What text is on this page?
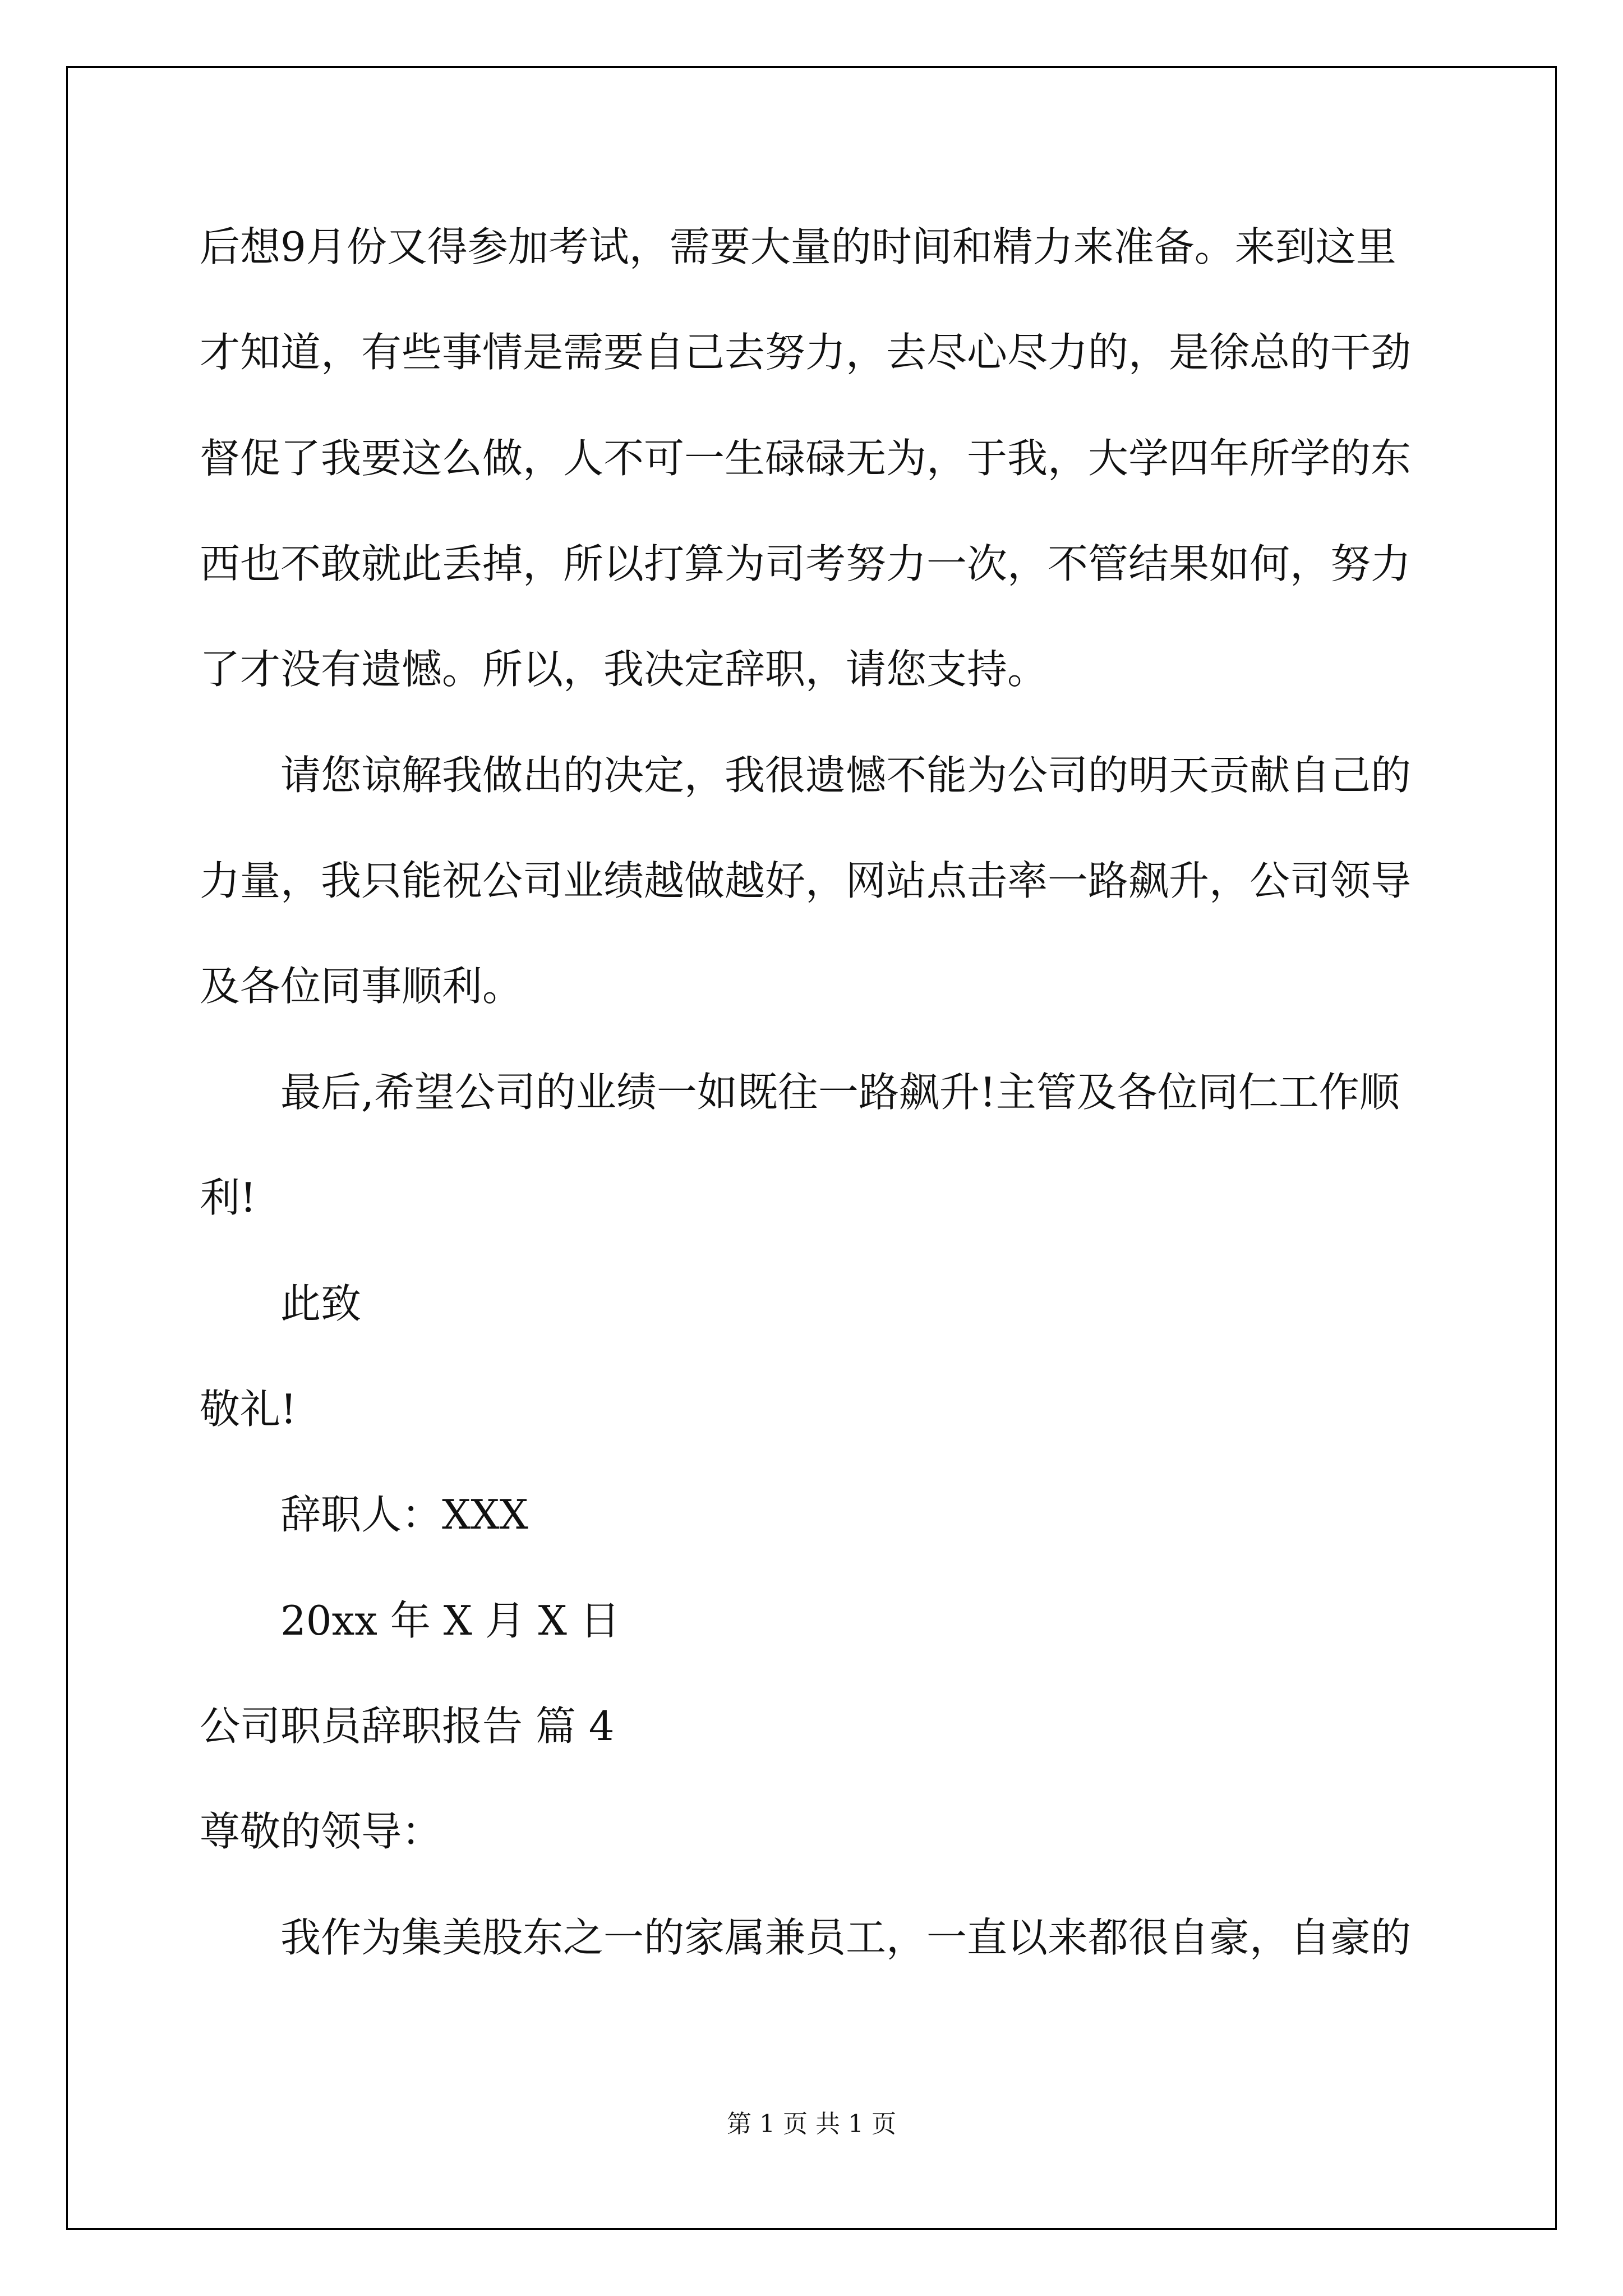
后想9月份又得参加考试，需要大量的时间和精力来准备。来到这里

才知道，有些事情是需要自己去努力，去尽心尽力的，是徐总的干劲

督促了我要这么做，人不可一生碌碌无为，于我，大学四年所学的东

西也不敢就此丢掉，所以打算为司考努力一次，不管结果如何，努力

了才没有遗憾。所以，我决定辞职，请您支持。

请您谅解我做出的决定，我很遗憾不能为公司的明天贡献自己的

力量，我只能祝公司业绩越做越好，网站点击率一路飙升，公司领导

及各位同事顺利。

最后,希望公司的业绩一如既往一路飙升!主管及各位同仁工作顺

利!

此致

敬礼!

辞职人：XXX

20xx 年 X 月 X 日

公司职员辞职报告 篇 4

尊敬的领导：

我作为集美股东之一的家属兼员工，一直以来都很自豪，自豪的

第 1 页 共 1 页
